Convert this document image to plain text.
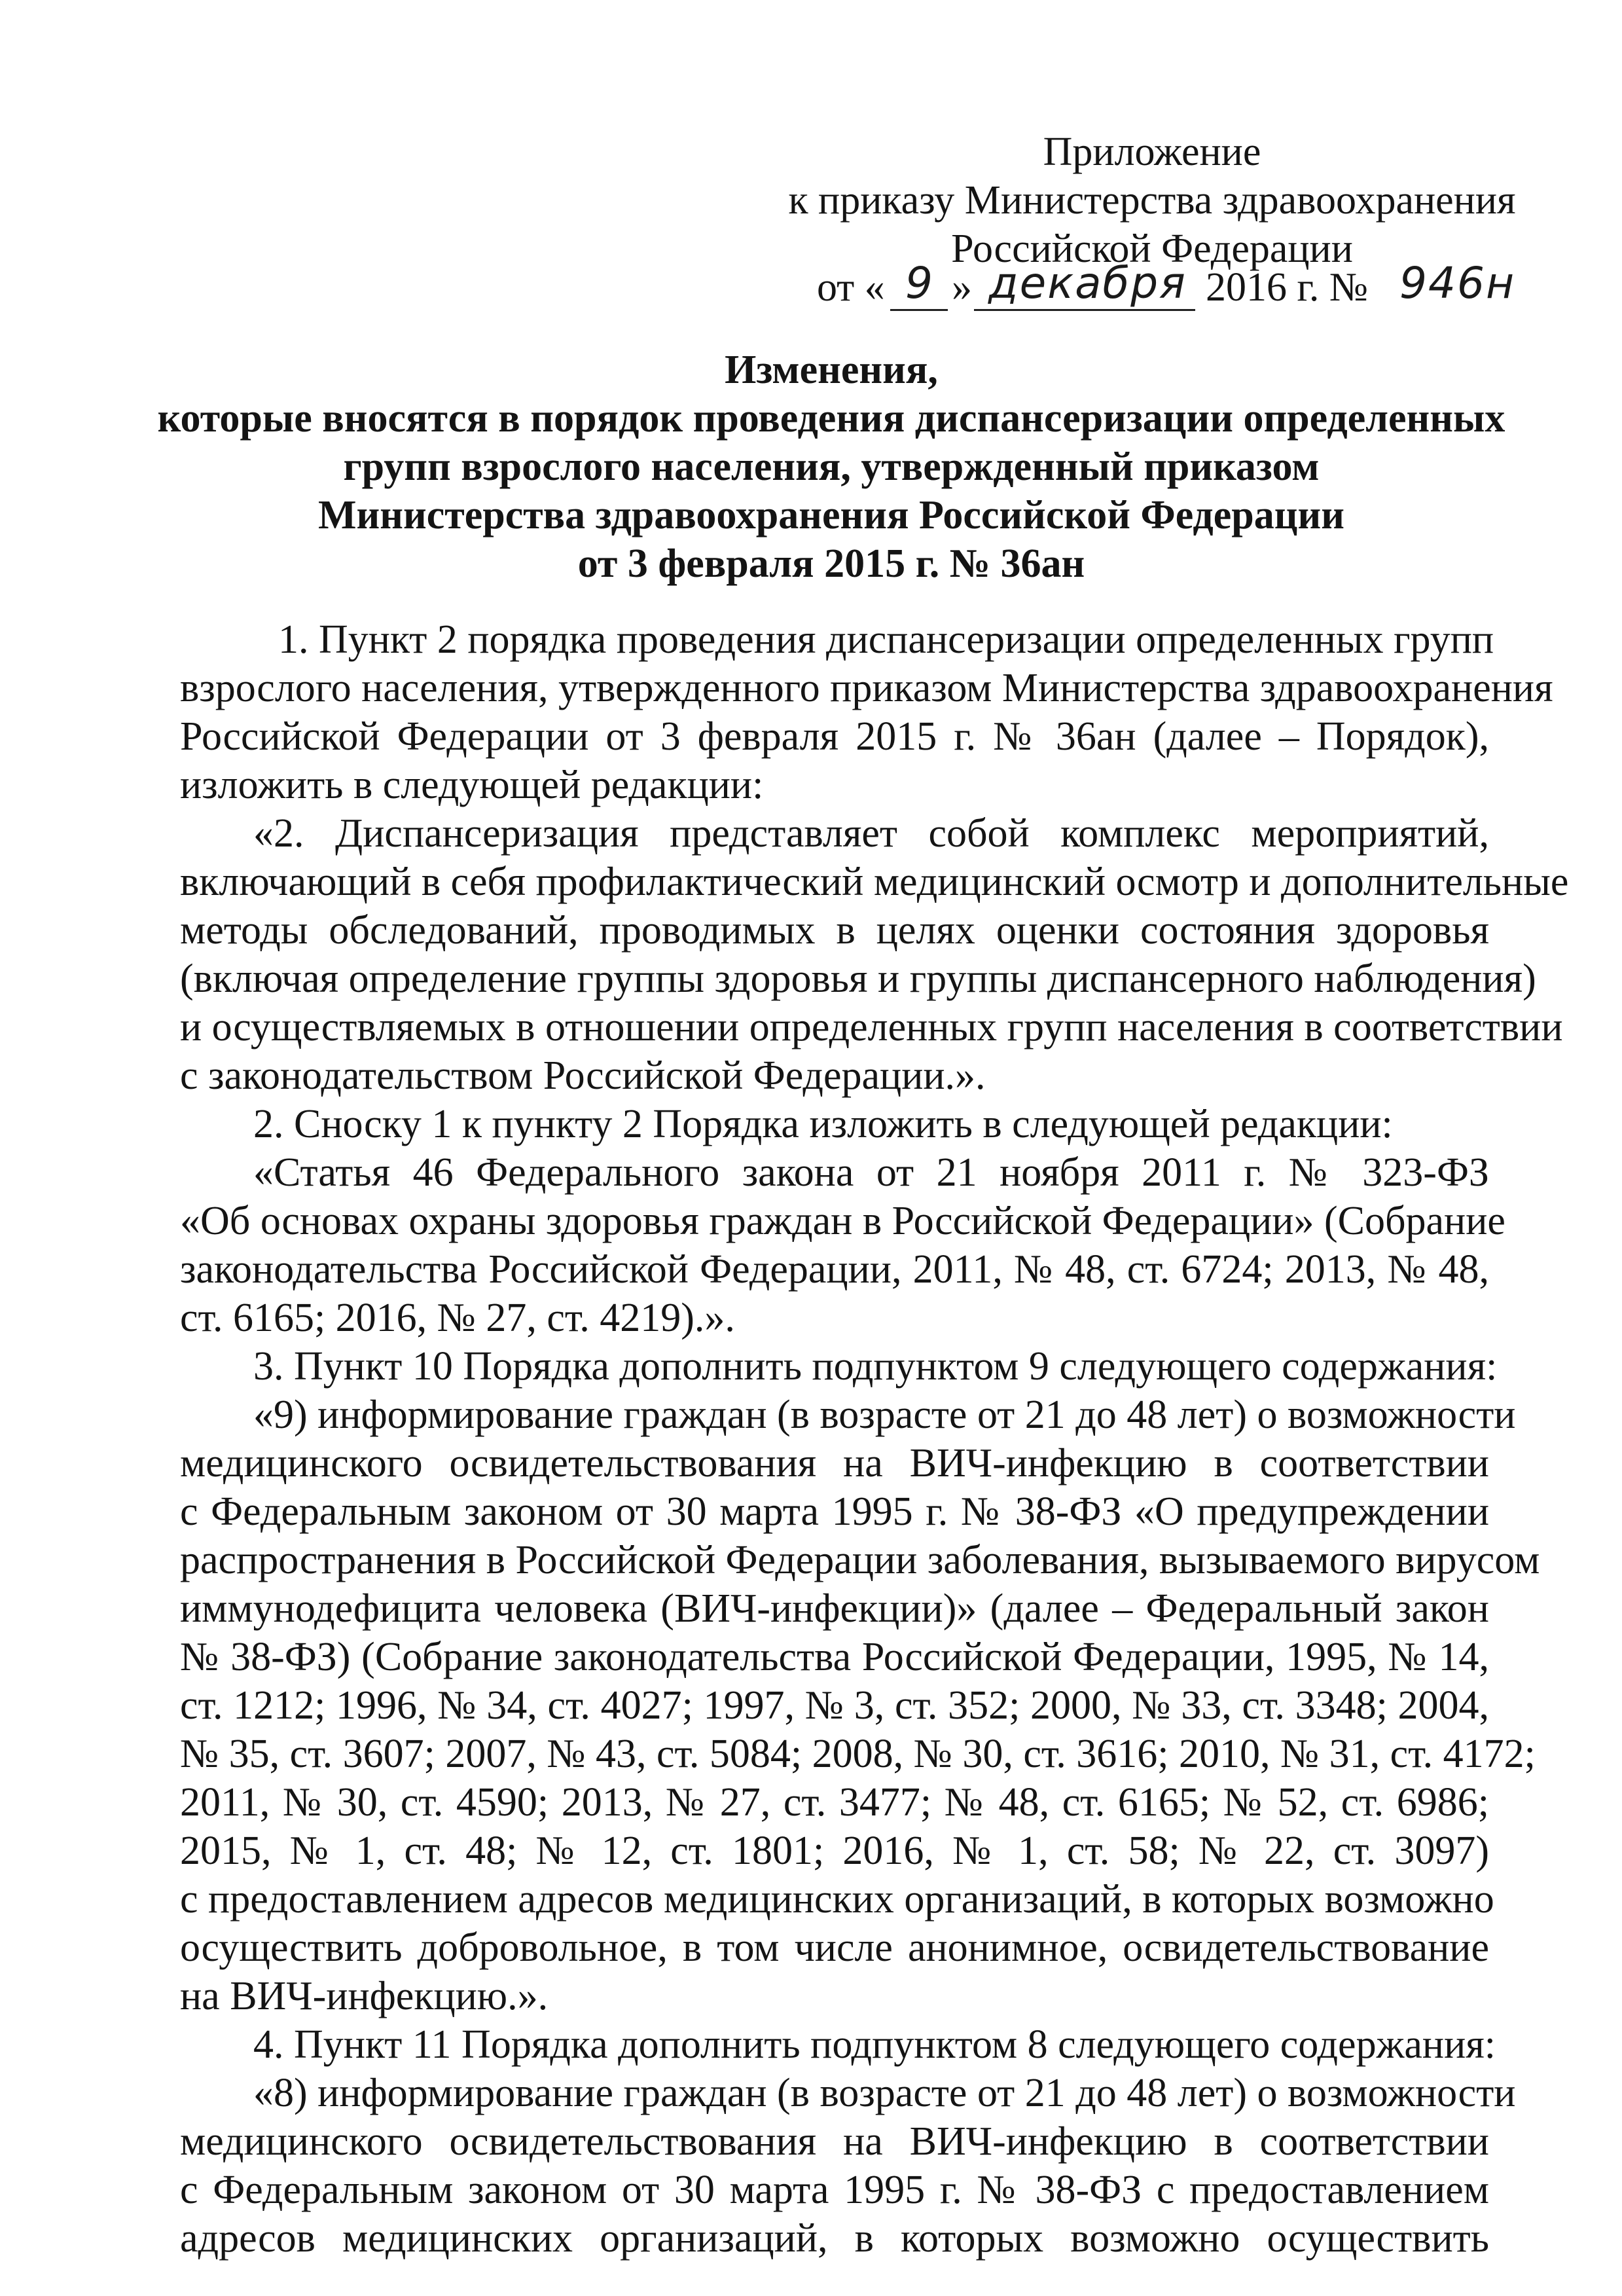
Приложение
к приказу Министерства здравоохранения
Российской Федерации
от « 9 » декабря 2016 г. № 946н
Изменения,
которые вносятся в порядок проведения диспансеризации определенных
групп взрослого населения, утвержденный приказом
Министерства здравоохранения Российской Федерации
от 3 февраля 2015 г. № 36ан
1. Пункт 2 порядка проведения диспансеризации определенных групп
взрослого населения, утвержденного приказом Министерства здравоохранения
Российской Федерации от 3 февраля 2015 г. № 36ан (далее – Порядок),
изложить в следующей редакции:
«2. Диспансеризация представляет собой комплекс мероприятий,
включающий в себя профилактический медицинский осмотр и дополнительные
методы обследований, проводимых в целях оценки состояния здоровья
(включая определение группы здоровья и группы диспансерного наблюдения)
и осуществляемых в отношении определенных групп населения в соответствии
с законодательством Российской Федерации.».
2. Сноску 1 к пункту 2 Порядка изложить в следующей редакции:
«Статья 46 Федерального закона от 21 ноября 2011 г. № 323-ФЗ
«Об основах охраны здоровья граждан в Российской Федерации» (Собрание
законодательства Российской Федерации, 2011, № 48, ст. 6724; 2013, № 48,
ст. 6165; 2016, № 27, ст. 4219).».
3. Пункт 10 Порядка дополнить подпунктом 9 следующего содержания:
«9) информирование граждан (в возрасте от 21 до 48 лет) о возможности
медицинского освидетельствования на ВИЧ-инфекцию в соответствии
с Федеральным законом от 30 марта 1995 г. № 38-ФЗ «О предупреждении
распространения в Российской Федерации заболевания, вызываемого вирусом
иммунодефицита человека (ВИЧ-инфекции)» (далее – Федеральный закон
№ 38-ФЗ) (Собрание законодательства Российской Федерации, 1995, № 14,
ст. 1212; 1996, № 34, ст. 4027; 1997, № 3, ст. 352; 2000, № 33, ст. 3348; 2004,
№ 35, ст. 3607; 2007, № 43, ст. 5084; 2008, № 30, ст. 3616; 2010, № 31, ст. 4172;
2011, № 30, ст. 4590; 2013, № 27, ст. 3477; № 48, ст. 6165; № 52, ст. 6986;
2015, № 1, ст. 48; № 12, ст. 1801; 2016, № 1, ст. 58; № 22, ст. 3097)
с предоставлением адресов медицинских организаций, в которых возможно
осуществить добровольное, в том числе анонимное, освидетельствование
на ВИЧ-инфекцию.».
4. Пункт 11 Порядка дополнить подпунктом 8 следующего содержания:
«8) информирование граждан (в возрасте от 21 до 48 лет) о возможности
медицинского освидетельствования на ВИЧ-инфекцию в соответствии
с Федеральным законом от 30 марта 1995 г. № 38-ФЗ с предоставлением
адресов медицинских организаций, в которых возможно осуществить
